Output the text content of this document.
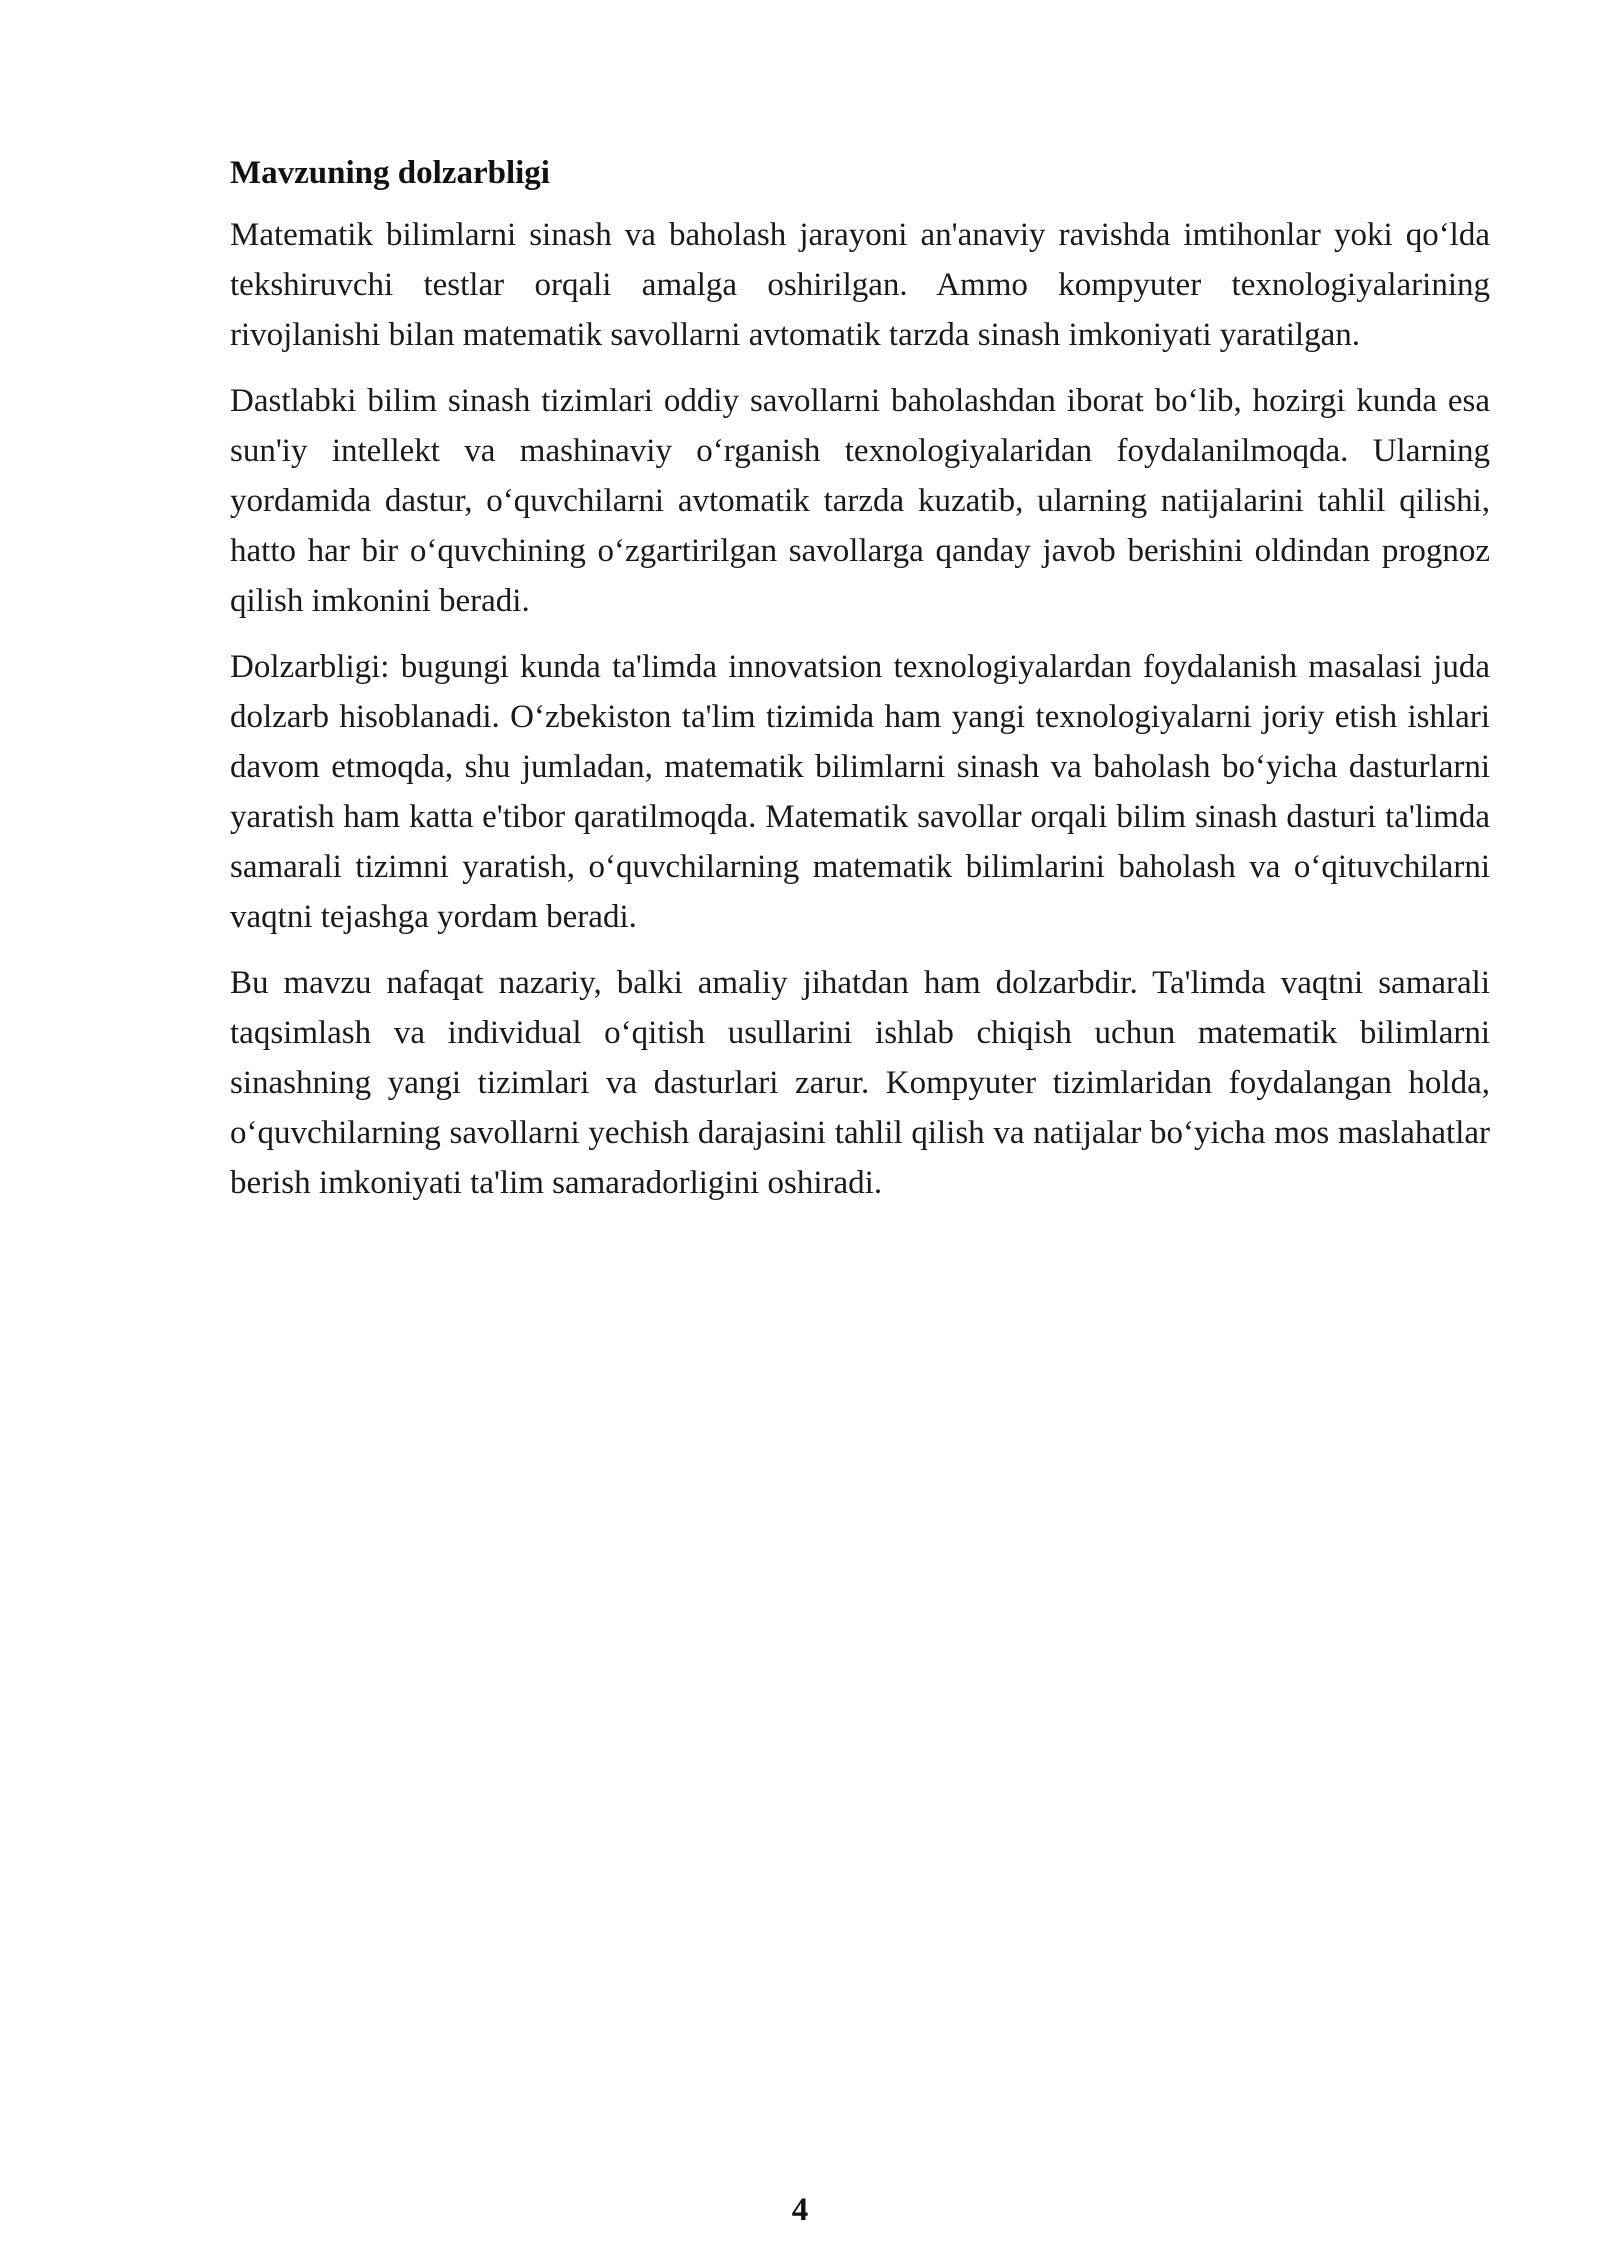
Mavzuning dolzarbligi

Matematik bilimlarni sinash va baholash jarayoni an'anaviy ravishda imtihonlar yoki qo‘lda tekshiruvchi testlar orqali amalga oshirilgan. Ammo kompyuter texnologiyalarining rivojlanishi bilan matematik savollarni avtomatik tarzda sinash imkoniyati yaratilgan.

Dastlabki bilim sinash tizimlari oddiy savollarni baholashdan iborat bo‘lib, hozirgi kunda esa sun'iy intellekt va mashinaviy o‘rganish texnologiyalaridan foydalanilmoqda. Ularning yordamida dastur, o‘quvchilarni avtomatik tarzda kuzatib, ularning natijalarini tahlil qilishi, hatto har bir o‘quvchining o‘zgartirilgan savollarga qanday javob berishini oldindan prognoz qilish imkonini beradi.

Dolzarbligi: bugungi kunda ta'limda innovatsion texnologiyalardan foydalanish masalasi juda dolzarb hisoblanadi. O‘zbekiston ta'lim tizimida ham yangi texnologiyalarni joriy etish ishlari davom etmoqda, shu jumladan, matematik bilimlarni sinash va baholash bo‘yicha dasturlarni yaratish ham katta e'tibor qaratilmoqda. Matematik savollar orqali bilim sinash dasturi ta'limda samarali tizimni yaratish, o‘quvchilarning matematik bilimlarini baholash va o‘qituvchilarni vaqtni tejashga yordam beradi.

Bu mavzu nafaqat nazariy, balki amaliy jihatdan ham dolzarbdir. Ta'limda vaqtni samarali taqsimlash va individual o‘qitish usullarini ishlab chiqish uchun matematik bilimlarni sinashning yangi tizimlari va dasturlari zarur. Kompyuter tizimlaridan foydalangan holda, o‘quvchilarning savollarni yechish darajasini tahlil qilish va natijalar bo‘yicha mos maslahatlar berish imkoniyati ta'lim samaradorligini oshiradi.

4
